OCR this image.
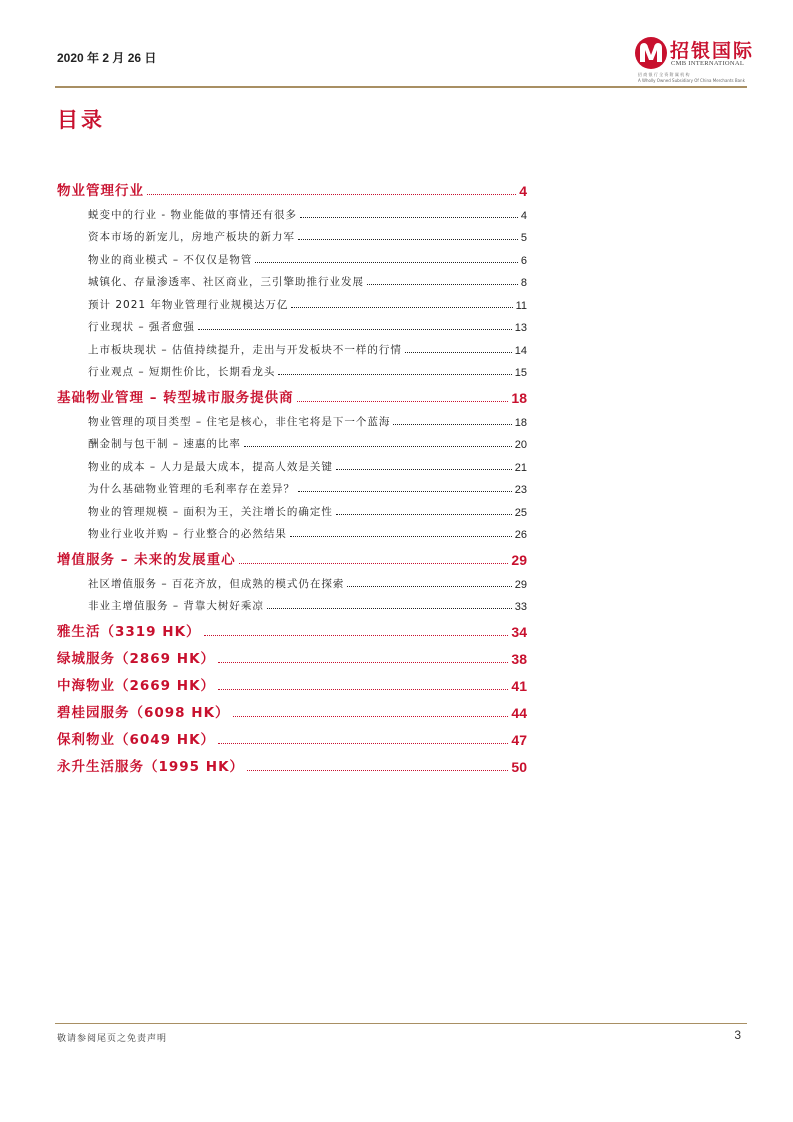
2020 年 2 月 26 日	招银国际
CMB INTERNATIONAL
招 商 银 行 全 资 附 属 机 构
A Wholly Owned Subsidiary Of China Merchants Bank
目录
物业管理行业	4
蜕变中的行业 - 物业能做的事情还有很多	4
资本市场的新宠儿，房地产板块的新力军	5
物业的商业模式 – 不仅仅是物管	6
城镇化、存量渗透率、社区商业，三引擎助推行业发展	8
预计 2021 年物业管理行业规模达万亿	11
行业现状 – 强者愈强	13
上市板块现状 – 估值持续提升，走出与开发板块不一样的行情	14
行业观点 – 短期性价比，长期看龙头	15
基础物业管理 – 转型城市服务提供商	18
物业管理的项目类型 – 住宅是核心，非住宅将是下一个蓝海	18
酬金制与包干制 – 速惠的比率	20
物业的成本 – 人力是最大成本，提高人效是关键	21
为什么基础物业管理的毛利率存在差异？	23
物业的管理规模 – 面积为王，关注增长的确定性	25
物业行业收并购 – 行业整合的必然结果	26
增值服务 – 未来的发展重心	29
社区增值服务 – 百花齐放，但成熟的模式仍在探索	29
非业主增值服务 – 背靠大树好乘凉	33
雅生活（3319 HK）	34
绿城服务（2869 HK）	38
中海物业（2669 HK）	41
碧桂园服务（6098 HK）	44
保利物业（6049 HK）	47
永升生活服务（1995 HK）	50
敬请参阅尾页之免责声明	3
